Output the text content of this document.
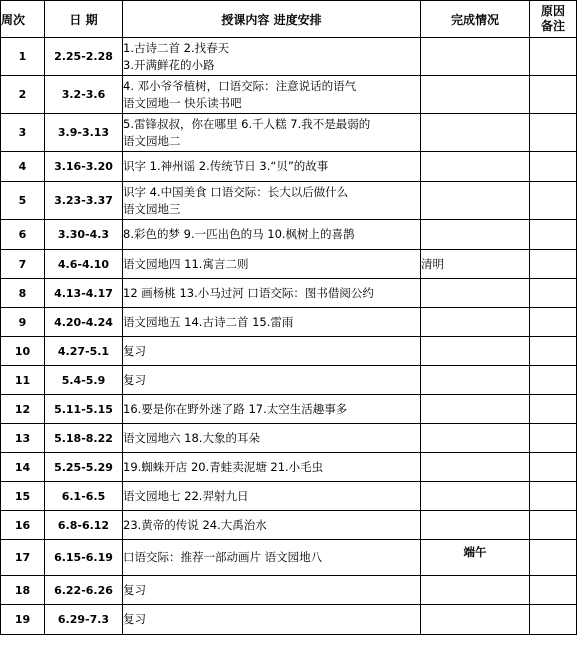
周次	日 期	授课内容 进度安排	完成情况	原因
备注

1	2.25-2.28	1.古诗二首 2.找春天
3.开满鲜花的小路		

2	3.2-3.6	4. 邓小爷爷植树，口语交际：注意说话的语气
语文园地一 快乐读书吧		

3	3.9-3.13	5.雷锋叔叔，你在哪里 6.千人糕 7.我不是最弱的
语文园地二		

4	3.16-3.20	识字 1.神州谣 2.传统节日 3.“贝”的故事		

5	3.23-3.37	识字 4.中国美食 口语交际：长大以后做什么
语文园地三		

6	3.30-4.3	8.彩色的梦 9.一匹出色的马 10.枫树上的喜鹊		

7	4.6-4.10	语文园地四 11.寓言二则	清明	
8	4.13-4.17	12 画杨桃 13.小马过河 口语交际：图书借阅公约		

9	4.20-4.24	语文园地五 14.古诗二首 15.雷雨		

10	4.27-5.1	复习		

11	5.4-5.9	复习		

12	5.11-5.15	16.要是你在野外迷了路 17.太空生活趣事多		

13	5.18-8.22	语文园地六 18.大象的耳朵		

14	5.25-5.29	19.蜘蛛开店 20.青蛙卖泥塘 21.小毛虫		

15	6.1-6.5	语文园地七 22.羿射九日		

16	6.8-6.12	23.黄帝的传说 24.大禹治水		

17	6.15-6.19	口语交际：推荐一部动画片 语文园地八	端午	
18	6.22-6.26	复习		

19	6.29-7.3	复习		
